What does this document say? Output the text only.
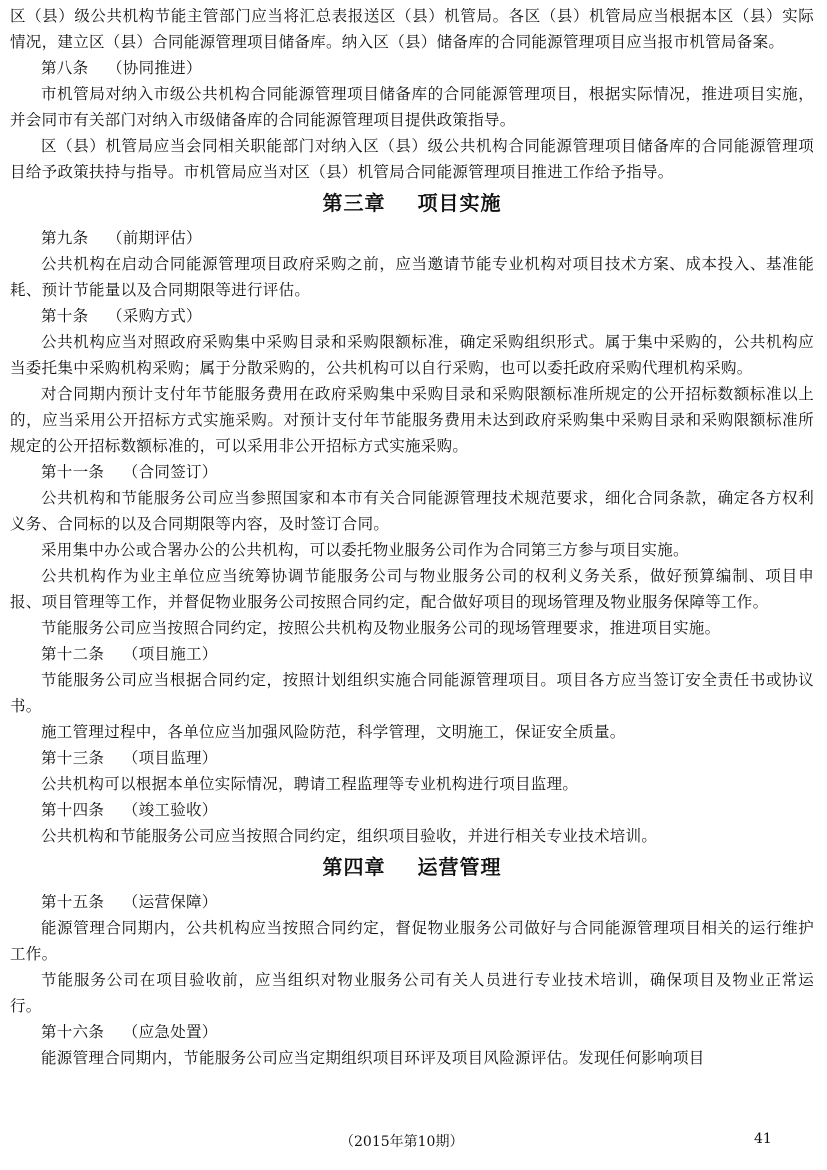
区（县）级公共机构节能主管部门应当将汇总表报送区（县）机管局。各区（县）机管局应当根据本区（县）实际情况，建立区（县）合同能源管理项目储备库。纳入区（县）储备库的合同能源管理项目应当报市机管局备案。

第八条 （协同推进）

市机管局对纳入市级公共机构合同能源管理项目储备库的合同能源管理项目，根据实际情况，推进项目实施，并会同市有关部门对纳入市级储备库的合同能源管理项目提供政策指导。

区（县）机管局应当会同相关职能部门对纳入区（县）级公共机构合同能源管理项目储备库的合同能源管理项目给予政策扶持与指导。市机管局应当对区（县）机管局合同能源管理项目推进工作给予指导。

第三章 项目实施

第九条 （前期评估）

公共机构在启动合同能源管理项目政府采购之前，应当邀请节能专业机构对项目技术方案、成本投入、基准能耗、预计节能量以及合同期限等进行评估。

第十条 （采购方式）

公共机构应当对照政府采购集中采购目录和采购限额标准，确定采购组织形式。属于集中采购的，公共机构应当委托集中采购机构采购；属于分散采购的，公共机构可以自行采购，也可以委托政府采购代理机构采购。

对合同期内预计支付年节能服务费用在政府采购集中采购目录和采购限额标准所规定的公开招标数额标准以上的，应当采用公开招标方式实施采购。对预计支付年节能服务费用未达到政府采购集中采购目录和采购限额标准所规定的公开招标数额标准的，可以采用非公开招标方式实施采购。

第十一条 （合同签订）

公共机构和节能服务公司应当参照国家和本市有关合同能源管理技术规范要求，细化合同条款，确定各方权利义务、合同标的以及合同期限等内容，及时签订合同。

采用集中办公或合署办公的公共机构，可以委托物业服务公司作为合同第三方参与项目实施。

公共机构作为业主单位应当统筹协调节能服务公司与物业服务公司的权利义务关系，做好预算编制、项目申报、项目管理等工作，并督促物业服务公司按照合同约定，配合做好项目的现场管理及物业服务保障等工作。

节能服务公司应当按照合同约定，按照公共机构及物业服务公司的现场管理要求，推进项目实施。

第十二条 （项目施工）

节能服务公司应当根据合同约定，按照计划组织实施合同能源管理项目。项目各方应当签订安全责任书或协议书。

施工管理过程中，各单位应当加强风险防范，科学管理，文明施工，保证安全质量。

第十三条 （项目监理）

公共机构可以根据本单位实际情况，聘请工程监理等专业机构进行项目监理。

第十四条 （竣工验收）

公共机构和节能服务公司应当按照合同约定，组织项目验收，并进行相关专业技术培训。

第四章 运营管理

第十五条 （运营保障）

能源管理合同期内，公共机构应当按照合同约定，督促物业服务公司做好与合同能源管理项目相关的运行维护工作。

节能服务公司在项目验收前，应当组织对物业服务公司有关人员进行专业技术培训，确保项目及物业正常运行。

第十六条 （应急处置）

能源管理合同期内，节能服务公司应当定期组织项目环评及项目风险源评估。发现任何影响项目

（2015年第10期）	41
